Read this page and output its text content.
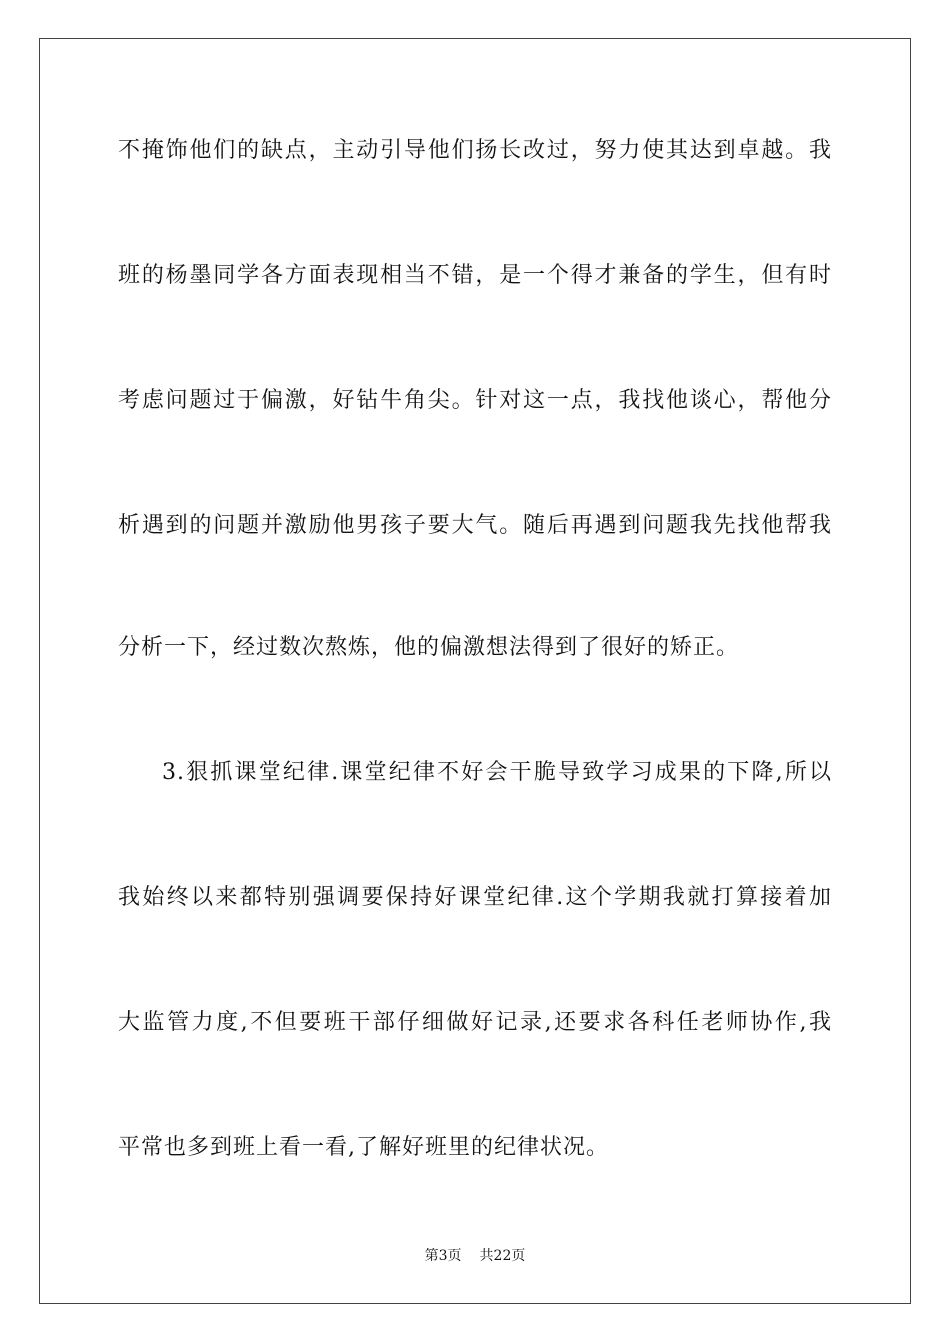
不掩饰他们的缺点，主动引导他们扬长改过，努力使其达到卓越。我
班的杨墨同学各方面表现相当不错，是一个得才兼备的学生，但有时
考虑问题过于偏激，好钻牛角尖。针对这一点，我找他谈心，帮他分
析遇到的问题并激励他男孩子要大气。随后再遇到问题我先找他帮我
分析一下，经过数次熬炼，他的偏激想法得到了很好的矫正。
3.狠抓课堂纪律.课堂纪律不好会干脆导致学习成果的下降,所以
我始终以来都特别强调要保持好课堂纪律.这个学期我就打算接着加
大监管力度,不但要班干部仔细做好记录,还要求各科任老师协作,我
平常也多到班上看一看,了解好班里的纪律状况。
第3页 共22页
